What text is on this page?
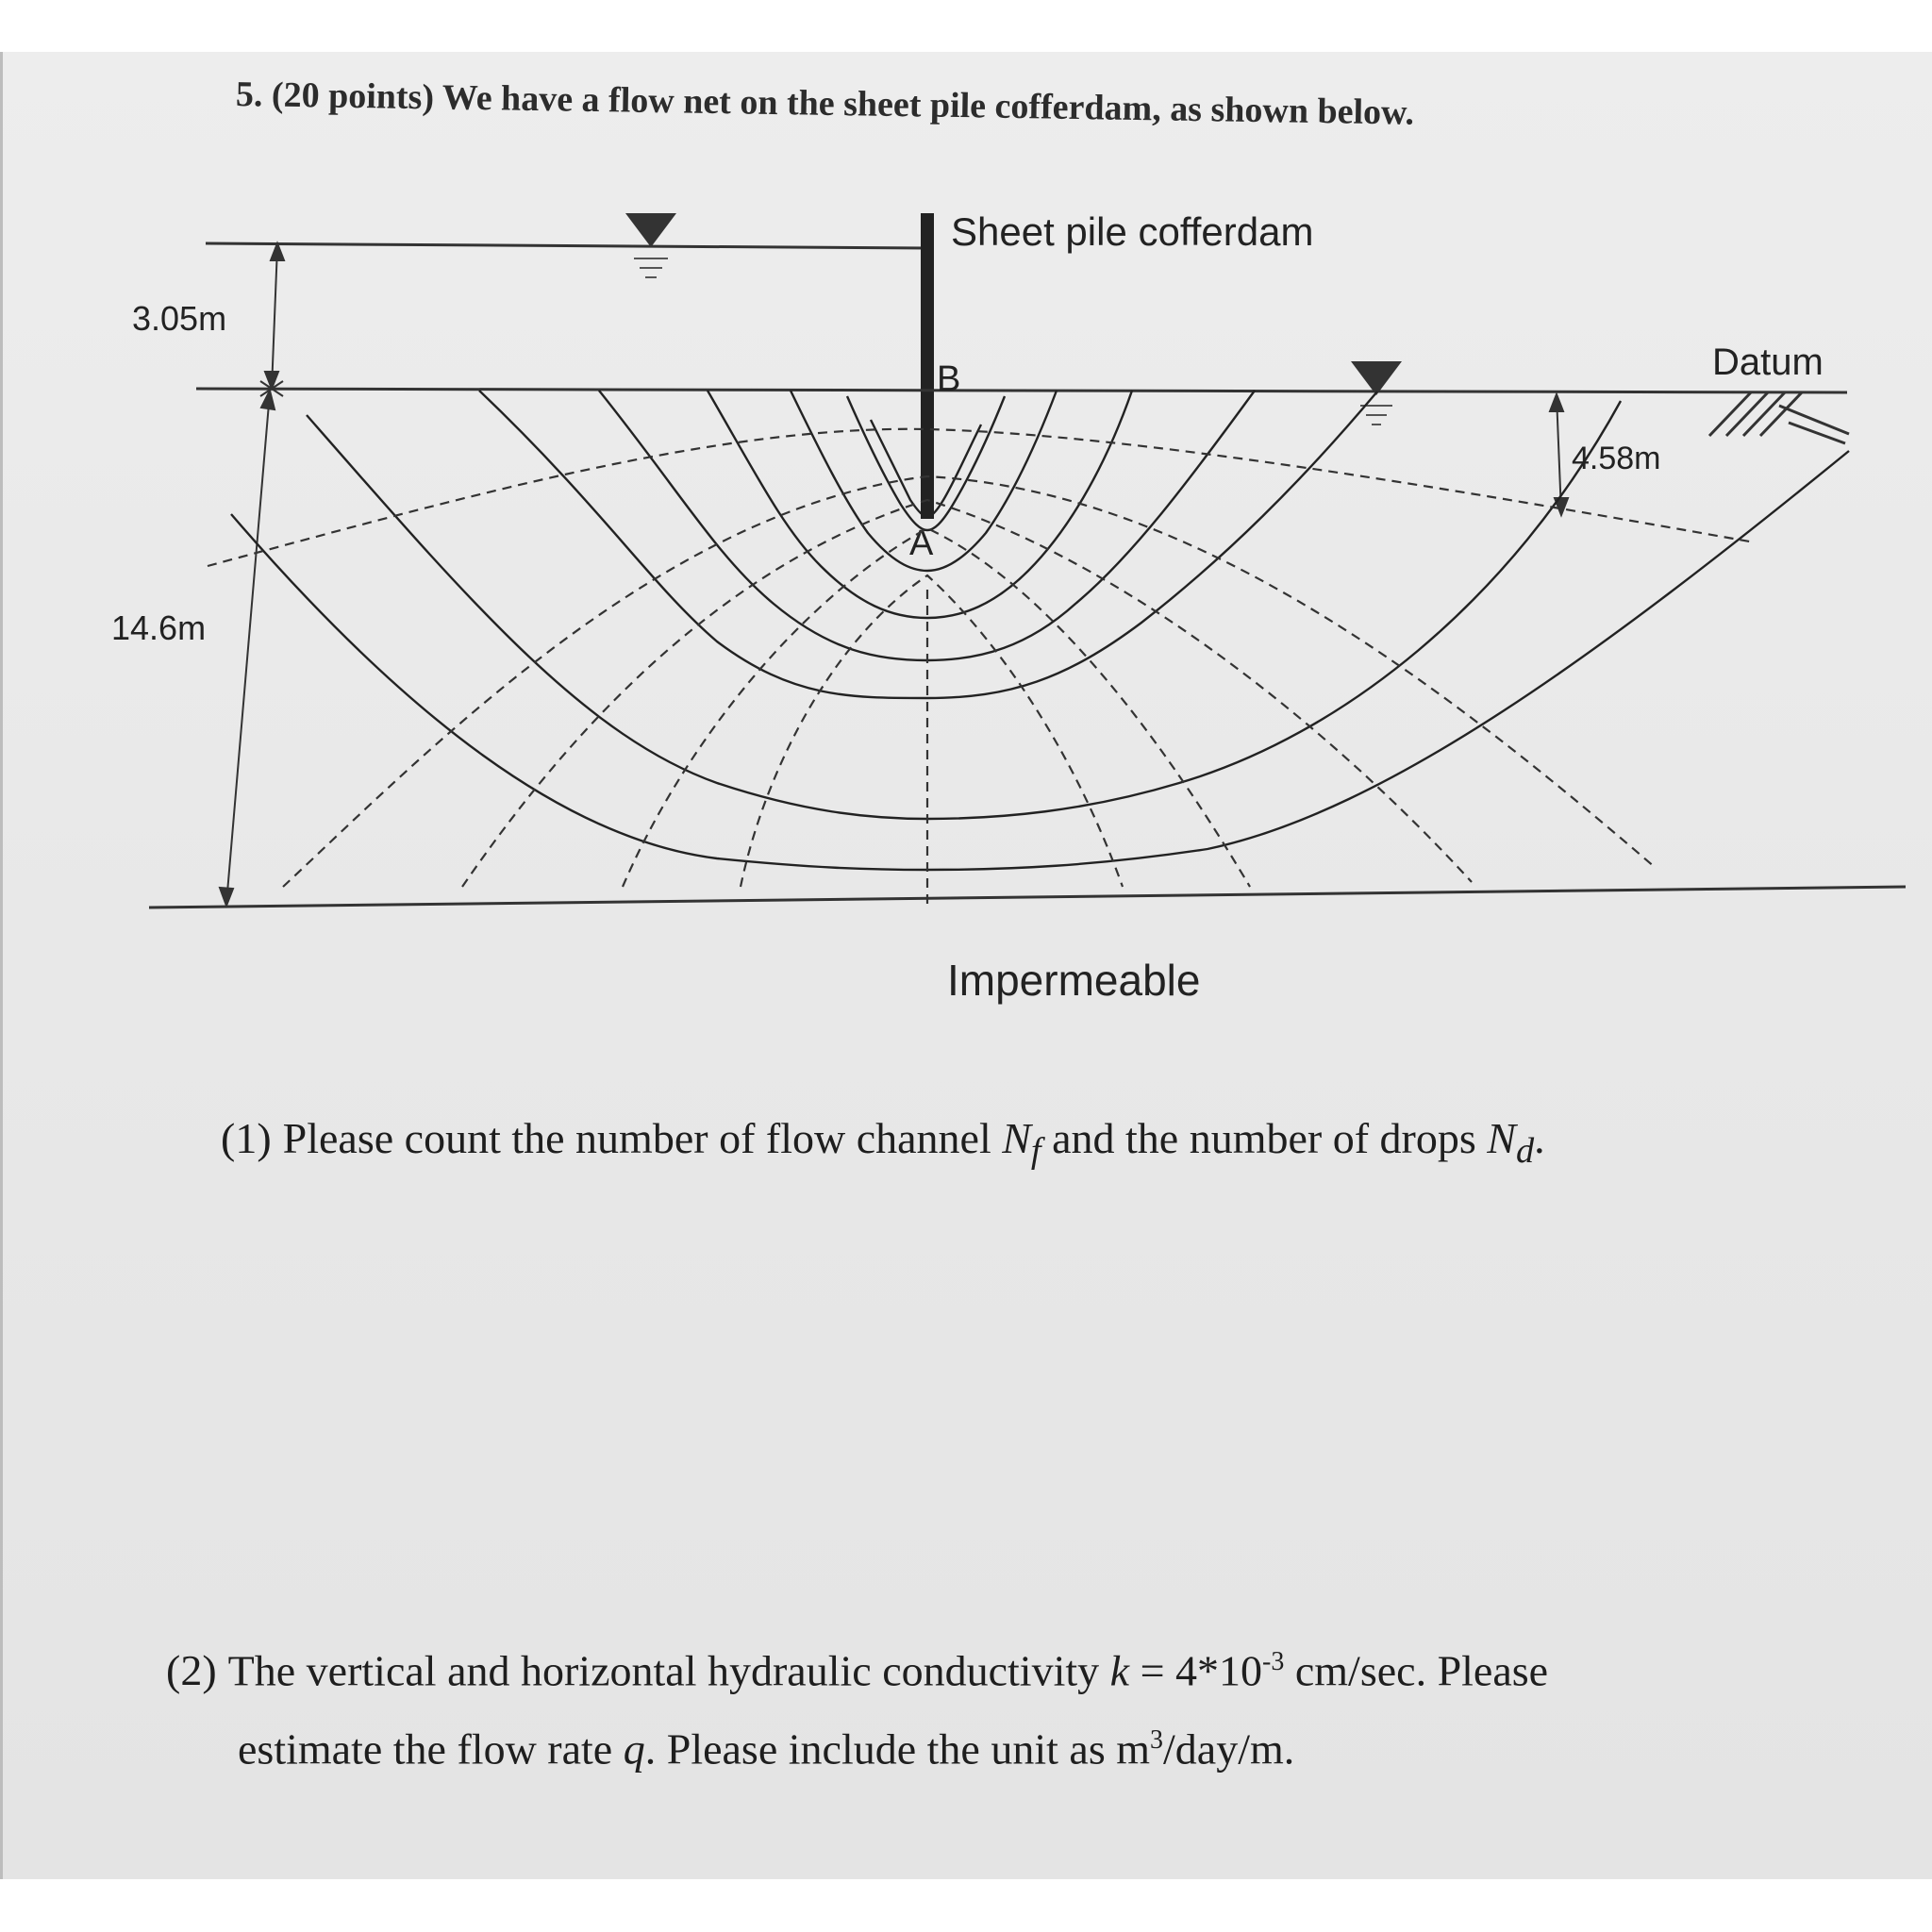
5. (20 points) We have a flow net on the sheet pile cofferdam, as shown below.
Sheet pile cofferdam
Datum
B
A
Impermeable
3.05m
14.6m
4.58m
(1) Please count the number of flow channel $N_f$ and the number of drops $N_d$.
(2) The vertical and horizontal hydraulic conductivity $k = 4*10^{-3}$ cm/sec. Please
estimate the flow rate q. Please include the unit as $m^3/day/m$.
